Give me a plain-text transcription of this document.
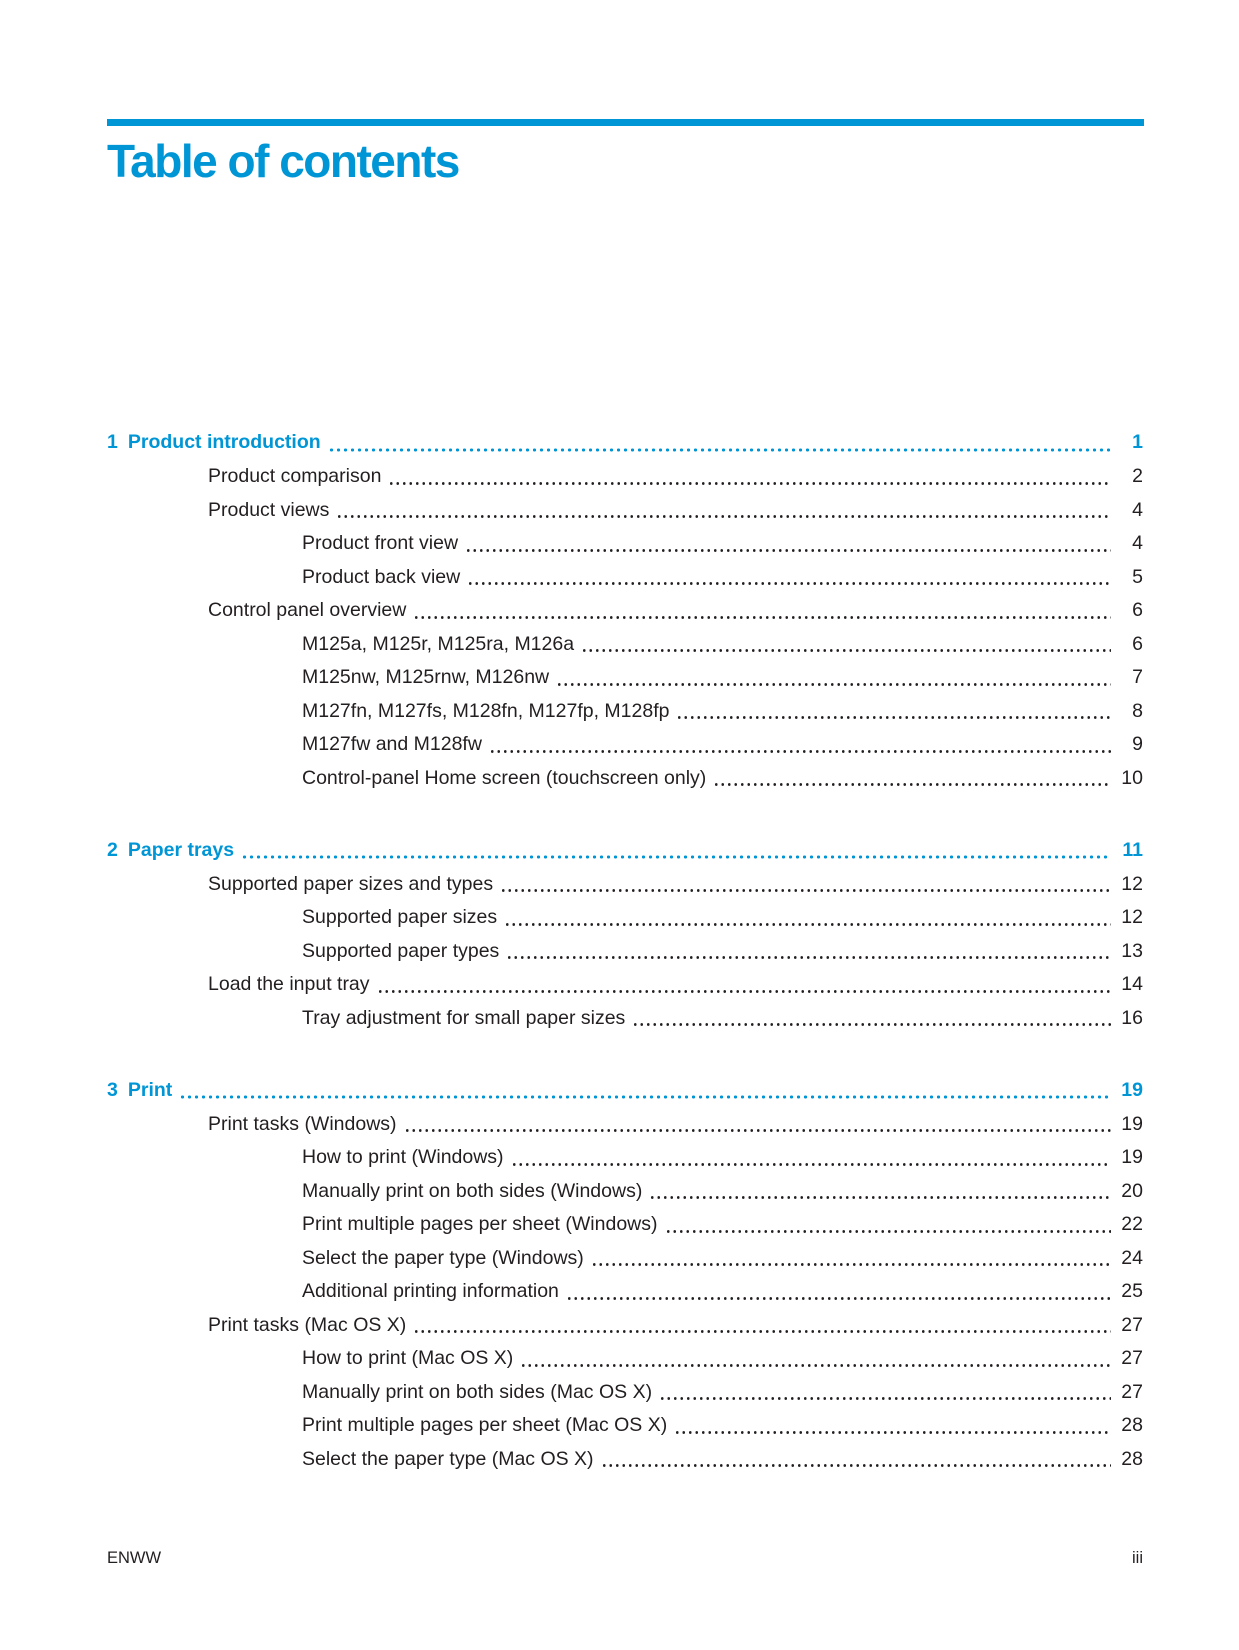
Table of contents
1 Product introduction	1
Product comparison	2
Product views	4
Product front view	4
Product back view	5
Control panel overview	6
M125a, M125r, M125ra, M126a	6
M125nw, M125rnw, M126nw	7
M127fn, M127fs, M128fn, M127fp, M128fp	8
M127fw and M128fw	9
Control-panel Home screen (touchscreen only)	10
2 Paper trays	11
Supported paper sizes and types	12
Supported paper sizes	12
Supported paper types	13
Load the input tray	14
Tray adjustment for small paper sizes	16
3 Print	19
Print tasks (Windows)	19
How to print (Windows)	19
Manually print on both sides (Windows)	20
Print multiple pages per sheet (Windows)	22
Select the paper type (Windows)	24
Additional printing information	25
Print tasks (Mac OS X)	27
How to print (Mac OS X)	27
Manually print on both sides (Mac OS X)	27
Print multiple pages per sheet (Mac OS X)	28
Select the paper type (Mac OS X)	28
ENWW	iii
